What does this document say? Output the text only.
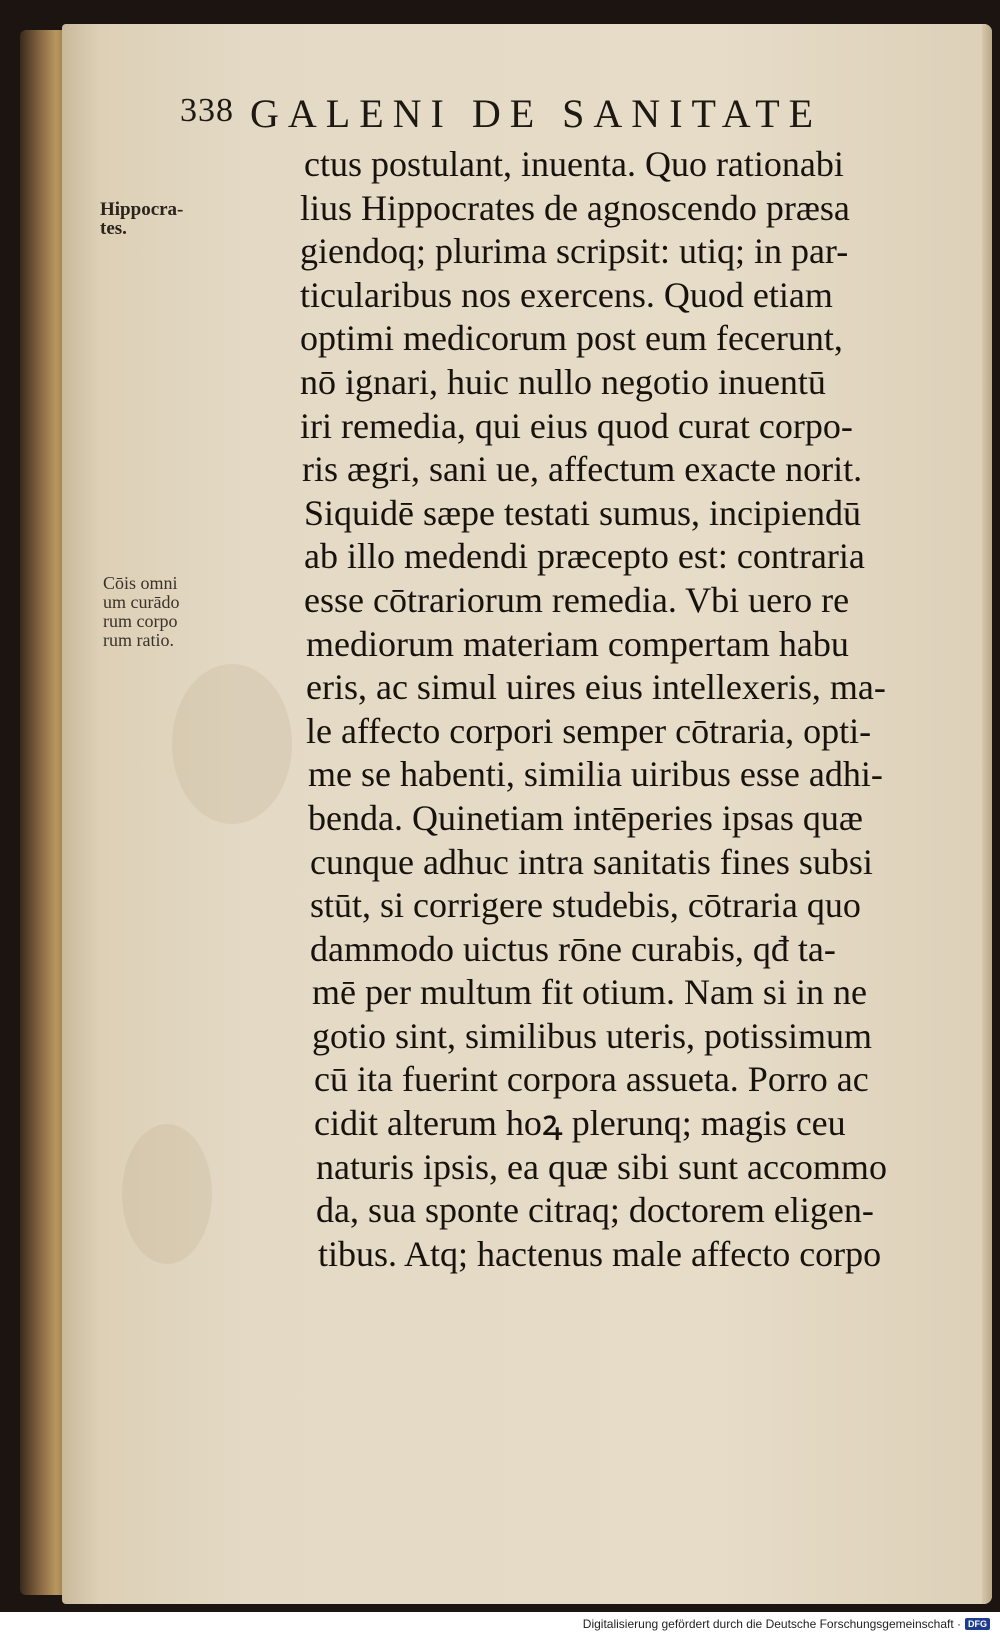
338 GALENI DE SANITATE
Hippocra-
tes.
Cōis omni
um curādo
rum corpo
rum ratio.
ctus postulant, inuenta. Quo rationabi
lius Hippocrates de agnoscendo præsa
giendoq; plurima scripsit: utiq; in par-
ticularibus nos exercens. Quod etiam
optimi medicorum post eum fecerunt,
nō ignari, huic nullo negotio inuentū
iri remedia, qui eius quod curat corpo-
ris ægri, sani ue, affectum exacte norit.
Siquidē sæpe testati sumus, incipiendū
ab illo medendi præcepto est: contraria
esse cōtrariorum remedia. Vbi uero re
mediorum materiam compertam habu
eris, ac simul uires eius intellexeris, ma-
le affecto corpori semper cōtraria, opti-
me se habenti, similia uiribus esse adhi-
benda. Quinetiam intēperies ipsas quæ
cunque adhuc intra sanitatis fines subsi
stūt, si corrigere studebis, cōtraria quo
dammodo uictus rōne curabis, qđ ta-
mē per multum fit otium. Nam si in ne
gotio sint, similibus uteris, potissimum
cū ita fuerint corpora assueta. Porro ac
cidit alterum hoꝝ plerunq; magis ceu
naturis ipsis, ea quæ sibi sunt accommo
da, sua sponte citraq; doctorem eligen-
tibus. Atq; hactenus male affecto corpo
Digitalisierung gefördert durch die Deutsche Forschungsgemeinschaft · DFG
